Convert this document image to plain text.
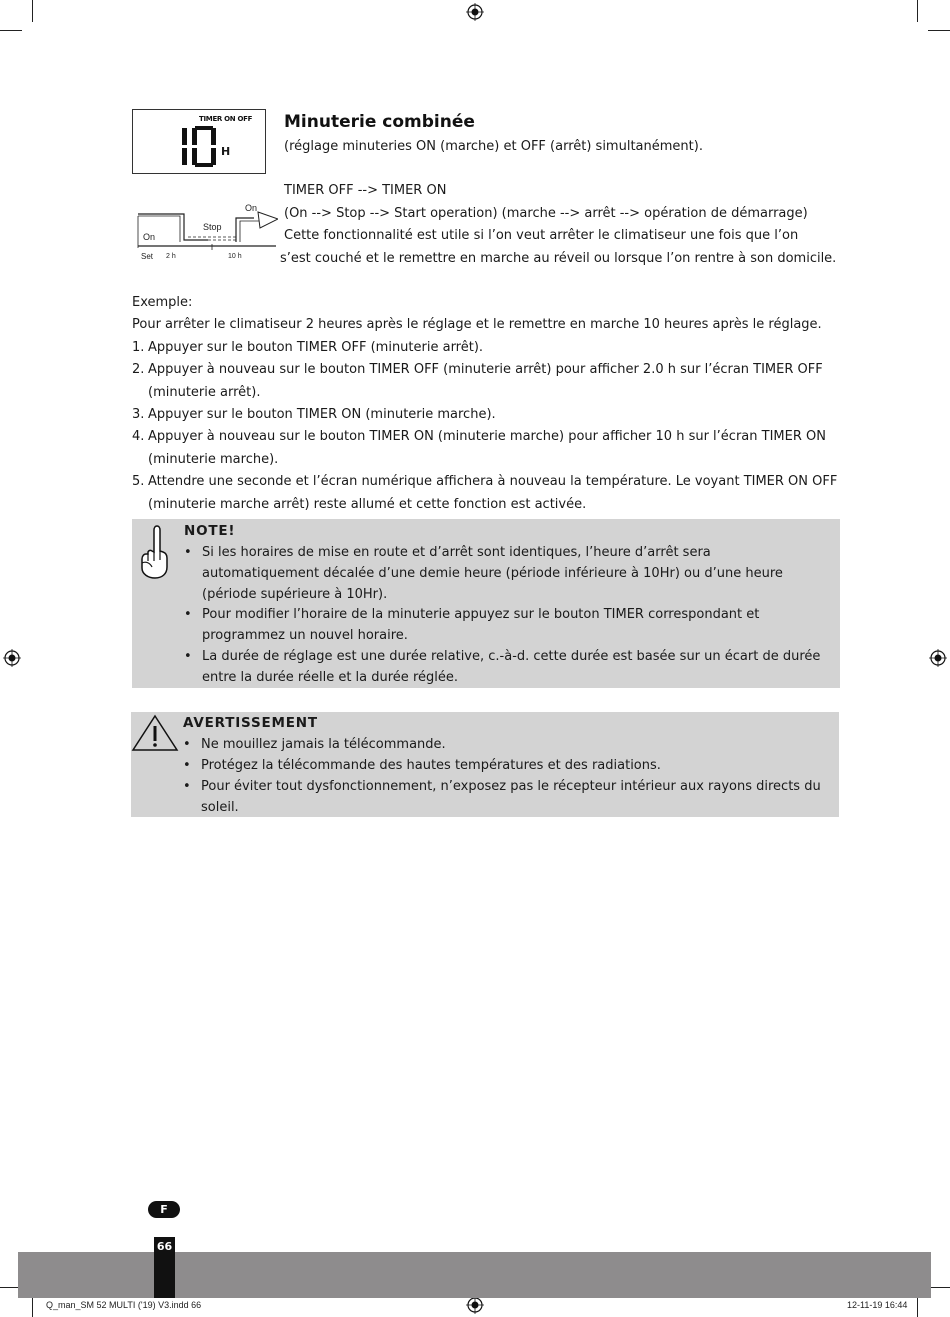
TIMER ON OFF
H
On
Stop
On
Set 2 h	10 h
Minuterie combinée
(réglage minuteries ON (marche) et OFF (arrêt) simultanément).
TIMER OFF --> TIMER ON
(On --> Stop --> Start operation) (marche --> arrêt --> opération de démarrage)
Cette fonctionnalité est utile si l’on veut arrêter le climatiseur une fois que l’on
s’est couché et le remettre en marche au réveil ou lorsque l’on rentre à son domicile.
Exemple:
Pour arrêter le climatiseur 2 heures après le réglage et le remettre en marche 10 heures après le réglage.
1. Appuyer sur le bouton TIMER OFF (minuterie arrêt).
2. Appuyer à nouveau sur le bouton TIMER OFF (minuterie arrêt) pour afficher 2.0 h sur l’écran TIMER OFF
(minuterie arrêt).
3. Appuyer sur le bouton TIMER ON (minuterie marche).
4. Appuyer à nouveau sur le bouton TIMER ON (minuterie marche) pour afficher 10 h sur l’écran TIMER ON
(minuterie marche).
5. Attendre une seconde et l’écran numérique affichera à nouveau la température. Le voyant TIMER ON OFF
(minuterie marche arrêt) reste allumé et cette fonction est activée.
NOTE!
• Si les horaires de mise en route et d’arrêt sont identiques, l’heure d’arrêt sera
automatiquement décalée d’une demie heure (période inférieure à 10Hr) ou d’une heure
(période supérieure à 10Hr).
• Pour modifier l’horaire de la minuterie appuyez sur le bouton TIMER correspondant et
programmez un nouvel horaire.
• La durée de réglage est une durée relative, c.-à-d. cette durée est basée sur un écart de durée
entre la durée réelle et la durée réglée.
AVERTISSEMENT
• Ne mouillez jamais la télécommande.
• Protégez la télécommande des hautes températures et des radiations.
• Pour éviter tout dysfonctionnement, n’exposez pas le récepteur intérieur aux rayons directs du
soleil.
F
66
Q_man_SM 52 MULTI ('19) V3.indd 66	12-11-19 16:44
